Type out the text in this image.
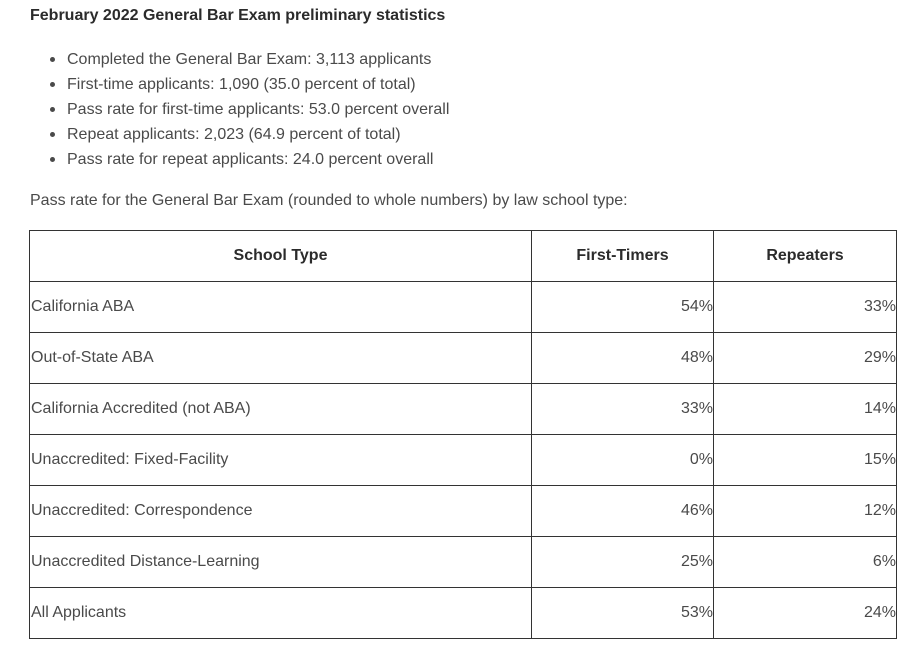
February 2022 General Bar Exam preliminary statistics
Completed the General Bar Exam: 3,113 applicants
First-time applicants: 1,090 (35.0 percent of total)
Pass rate for first-time applicants: 53.0 percent overall
Repeat applicants: 2,023 (64.9 percent of total)
Pass rate for repeat applicants: 24.0 percent overall
Pass rate for the General Bar Exam (rounded to whole numbers) by law school type:
School Type	First-Timers	Repeaters
California ABA	54%	33%
Out-of-State ABA	48%	29%
California Accredited (not ABA)	33%	14%
Unaccredited: Fixed-Facility	0%	15%
Unaccredited: Correspondence	46%	12%
Unaccredited Distance-Learning	25%	6%
All Applicants	53%	24%
